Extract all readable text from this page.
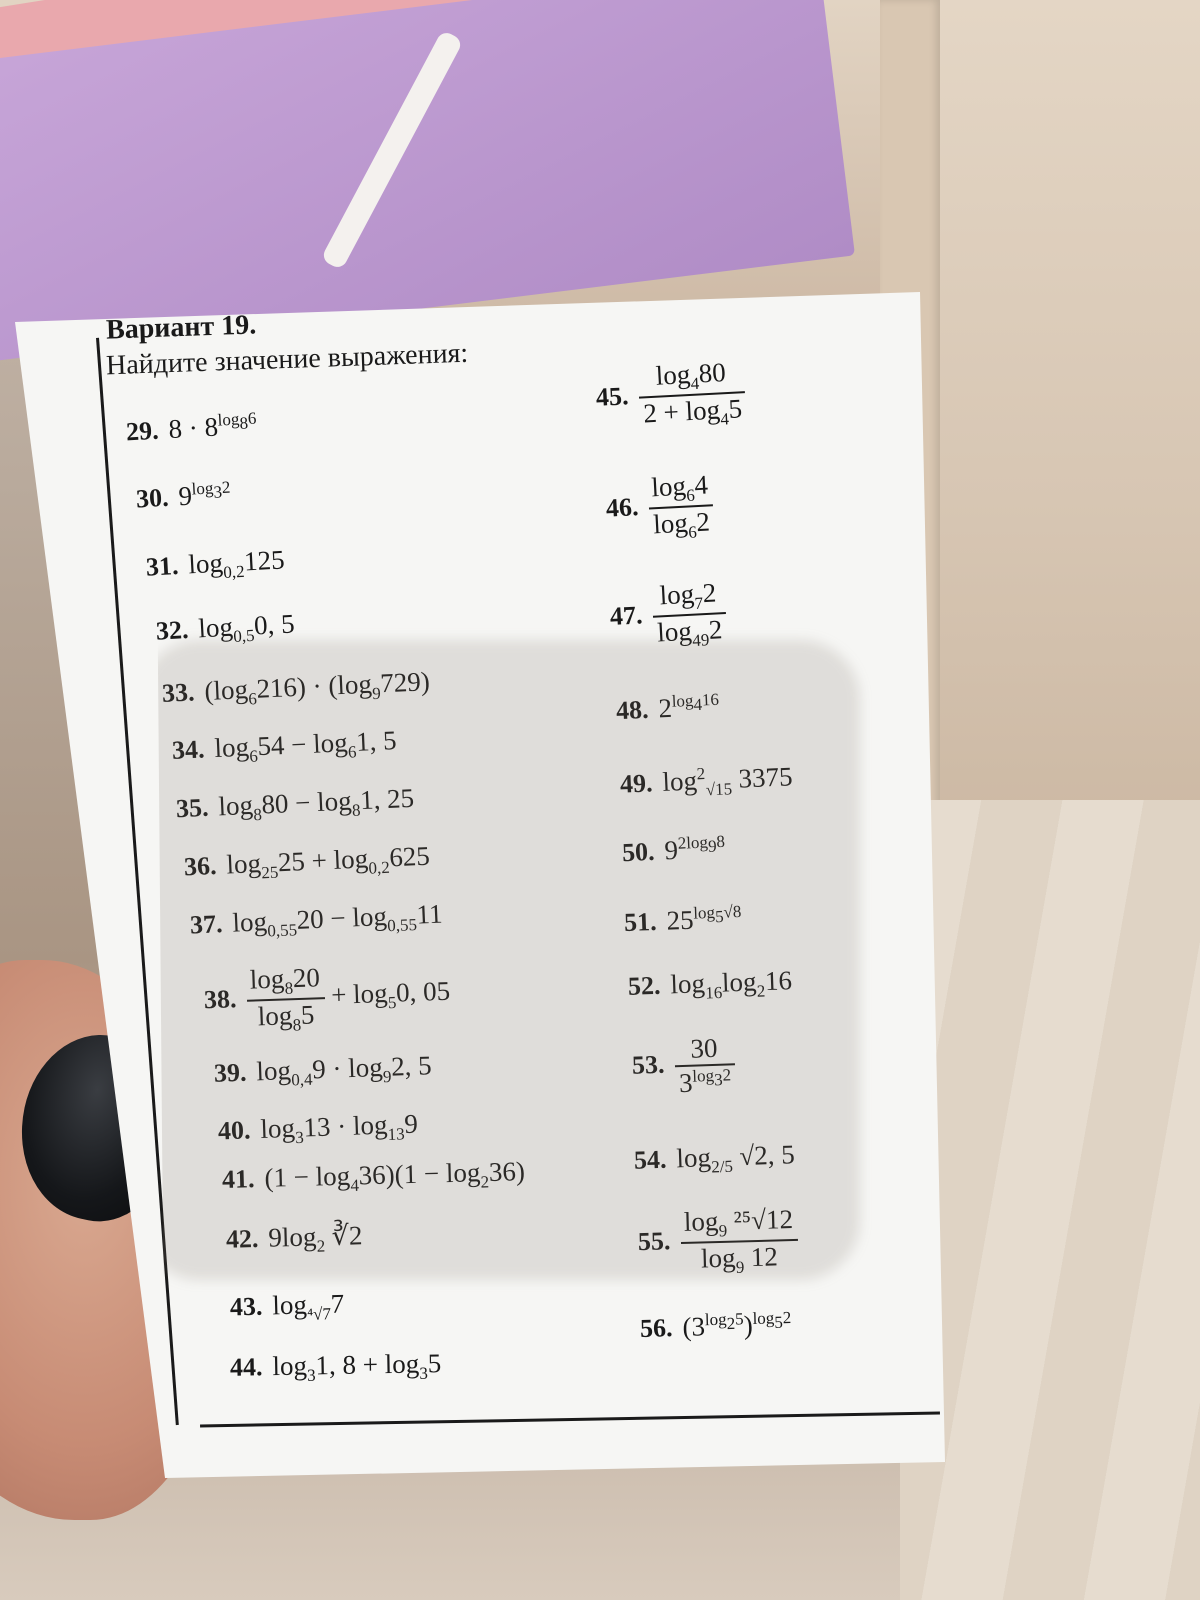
Вариант 19.
Найдите значение выражения:
29. $8 \cdot 8^{log_86}$
30. $9^{log_32}$
31. $\log_{0,2}125$
32. $\log_{0,5}0$, 5
33. $(\log_6216) \cdot (\log_9729)$
34. $\log_654 - \log_61$, 5
35. $\log_880 - \log_81$, 25
36. $\log_{25}25 + \log_{0,2}625$
37. $\log_{0,55}20 - \log_{0,55}11$
38. $\frac{\log_820}{\log_85}$
+ $\log_50$, 05
39. $\log_{0,4}9 \cdot \log_92$, 5
40. $\log_313 \cdot \log_{13}9$
41. $(1 - \log_436)(1 - \log_236)$
42. $9\log_2$ ∛2
43. $\log_{^4√7}7$
44. $\log_31$, $8 + \log_35$
45. $\frac{\log_480}{2 + \log_45}$
46. $\frac{\log_64}{\log_62}$
47. $\frac{\log_72}{\log_{49}2}$
48. $2^{log_416}$
49. $\log^2_{√15} 3375$
50. $9^{2log_98}$
51. $25^{log_5√8}$
52. $\log_{16}\log_216$
53. $\frac{30}{3^{log_32}}$
54. $\log_{2/5} √2$, 5
55. $\frac{\log_9 ^{25}√12}{\log_9 12}$
56. $(3^{log_25})^{log_52}$
